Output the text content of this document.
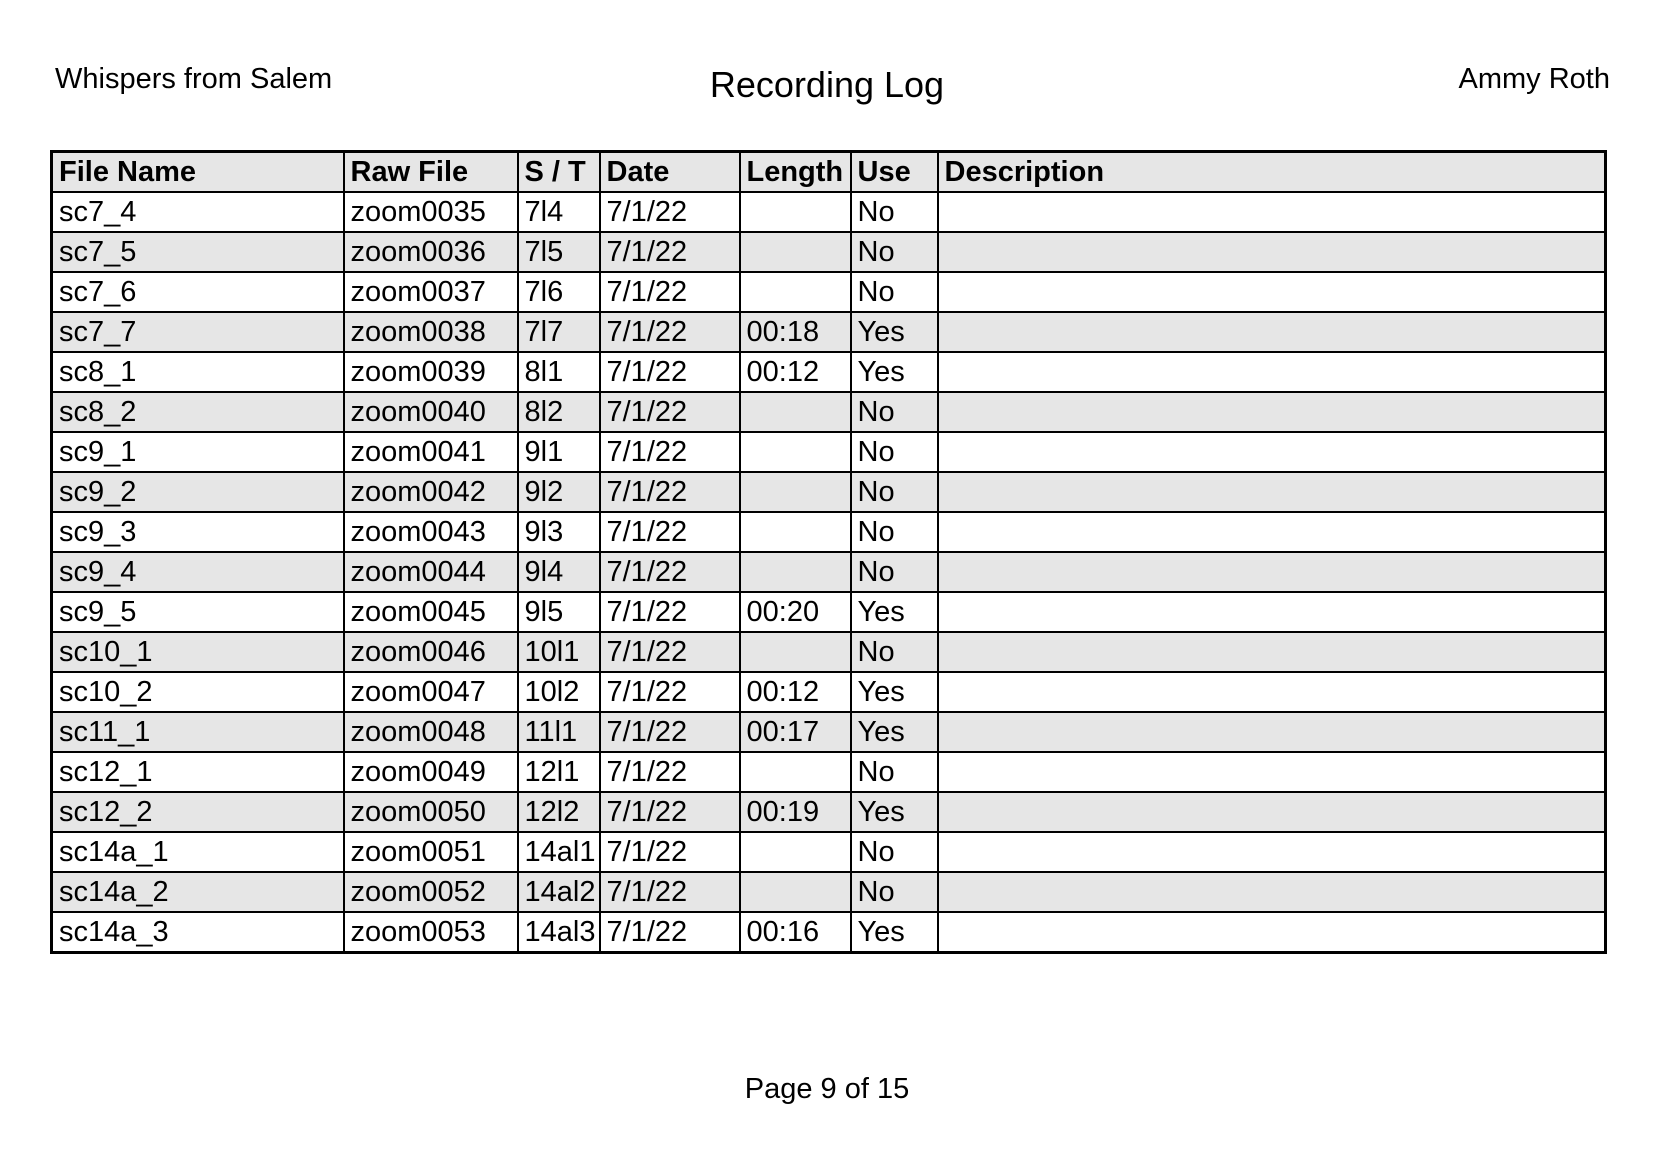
Whispers from Salem	Recording Log	Ammy Roth
File Name	Raw File	S / T	Date	Length	Use	Description
sc7_4	zoom0035	7l4	7/1/22		No	
sc7_5	zoom0036	7l5	7/1/22		No	
sc7_6	zoom0037	7l6	7/1/22		No	
sc7_7	zoom0038	7l7	7/1/22	00:18	Yes	
sc8_1	zoom0039	8l1	7/1/22	00:12	Yes	
sc8_2	zoom0040	8l2	7/1/22		No	
sc9_1	zoom0041	9l1	7/1/22		No	
sc9_2	zoom0042	9l2	7/1/22		No	
sc9_3	zoom0043	9l3	7/1/22		No	
sc9_4	zoom0044	9l4	7/1/22		No	
sc9_5	zoom0045	9l5	7/1/22	00:20	Yes	
sc10_1	zoom0046	10l1	7/1/22		No	
sc10_2	zoom0047	10l2	7/1/22	00:12	Yes	
sc11_1	zoom0048	11l1	7/1/22	00:17	Yes	
sc12_1	zoom0049	12l1	7/1/22		No	
sc12_2	zoom0050	12l2	7/1/22	00:19	Yes	
sc14a_1	zoom0051	14al1	7/1/22		No	
sc14a_2	zoom0052	14al2	7/1/22		No	
sc14a_3	zoom0053	14al3	7/1/22	00:16	Yes	
Page 9 of 15
